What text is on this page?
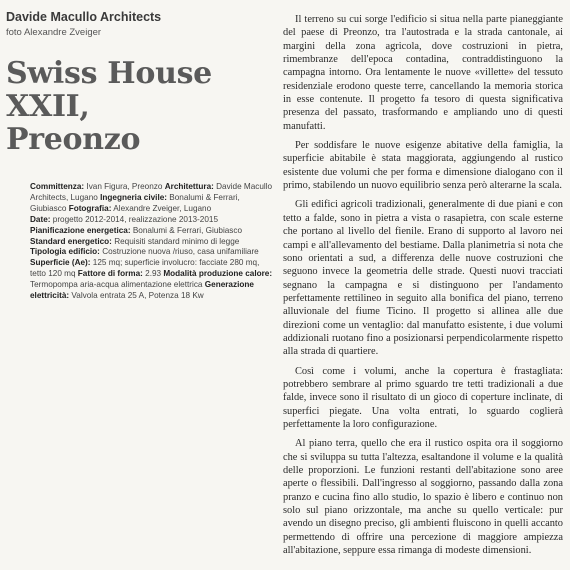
Davide Macullo Architects
foto Alexandre Zveiger
Swiss House XXII,
Preonzo
Committenza: Ivan Figura, Preonzo Architettura: Davide Macullo Architects, Lugano Ingegneria civile: Bonalumi & Ferrari, Giubiasco Fotografia: Alexandre Zveiger, Lugano
Date: progetto 2012-2014, realizzazione 2013-2015
Pianificazione energetica: Bonalumi & Ferrari, Giubiasco
Standard energetico: Requisiti standard minimo di legge
Tipologia edificio: Costruzione nuova /riuso, casa unifamiliare
Superficie (Ae): 125 mq; superficie involucro: facciate 280 mq, tetto 120 mq Fattore di forma: 2.93 Modalità produzione calore: Termopompa aria-acqua alimentazione elettrica Generazione elettricità: Valvola entrata 25 A, Potenza 18 Kw

Il terreno su cui sorge l'edificio si situa nella parte pianeggiante del paese di Preonzo, tra l'autostrada e la strada cantonale, ai margini della zona agricola, dove costruzioni in pietra, rimembranze dell'epoca contadina, contraddistinguono la campagna intorno. Ora lentamente le nuove «villette» del tessuto residenziale erodono queste terre, cancellando la memoria storica in esse contenute. Il progetto fa tesoro di questa significativa presenza del passato, trasformando e ampliando uno di questi manufatti.

Per soddisfare le nuove esigenze abitative della famiglia, la superficie abitabile è stata maggiorata, aggiungendo al rustico esistente due volumi che per forma e dimensione dialogano con il primo, stabilendo un nuovo equilibrio senza però alterarne la scala.

Gli edifici agricoli tradizionali, generalmente di due piani e con tetto a falde, sono in pietra a vista o rasapietra, con scale esterne che portano al livello del fienile. Erano di supporto al lavoro nei campi e all'allevamento del bestiame. Dalla planimetria si nota che sono orientati a sud, a differenza delle nuove costruzioni che seguono invece la geometria delle strade. Questi nuovi tracciati segnano la campagna e si distinguono per l'andamento perfettamente rettilineo in seguito alla bonifica del piano, terreno alluvionale del fiume Ticino. Il progetto si allinea alle due direzioni come un ventaglio: dal manufatto esistente, i due volumi addizionali ruotano fino a posizionarsi perpendicolarmente rispetto alla strada di quartiere.

Così come i volumi, anche la copertura è frastagliata: potrebbero sembrare al primo sguardo tre tetti tradizionali a due falde, invece sono il risultato di un gioco di coperture inclinate, di superfici piegate. Una volta entrati, lo sguardo coglierà perfettamente la loro configurazione.

Al piano terra, quello che era il rustico ospita ora il soggiorno che si sviluppa su tutta l'altezza, esaltandone il volume e la qualità delle proporzioni. Le funzioni restanti dell'abitazione sono aree aperte o flessibili. Dall'ingresso al soggiorno, passando dalla zona pranzo e cucina fino allo studio, lo spazio è libero e continuo non solo sul piano orizzontale, ma anche su quello verticale: pur avendo un disegno preciso, gli ambienti fluiscono in quelli accanto permettendo di offrire una percezione di maggiore ampiezza all'abitazione, seppure essa rimanga di modeste dimensioni.
